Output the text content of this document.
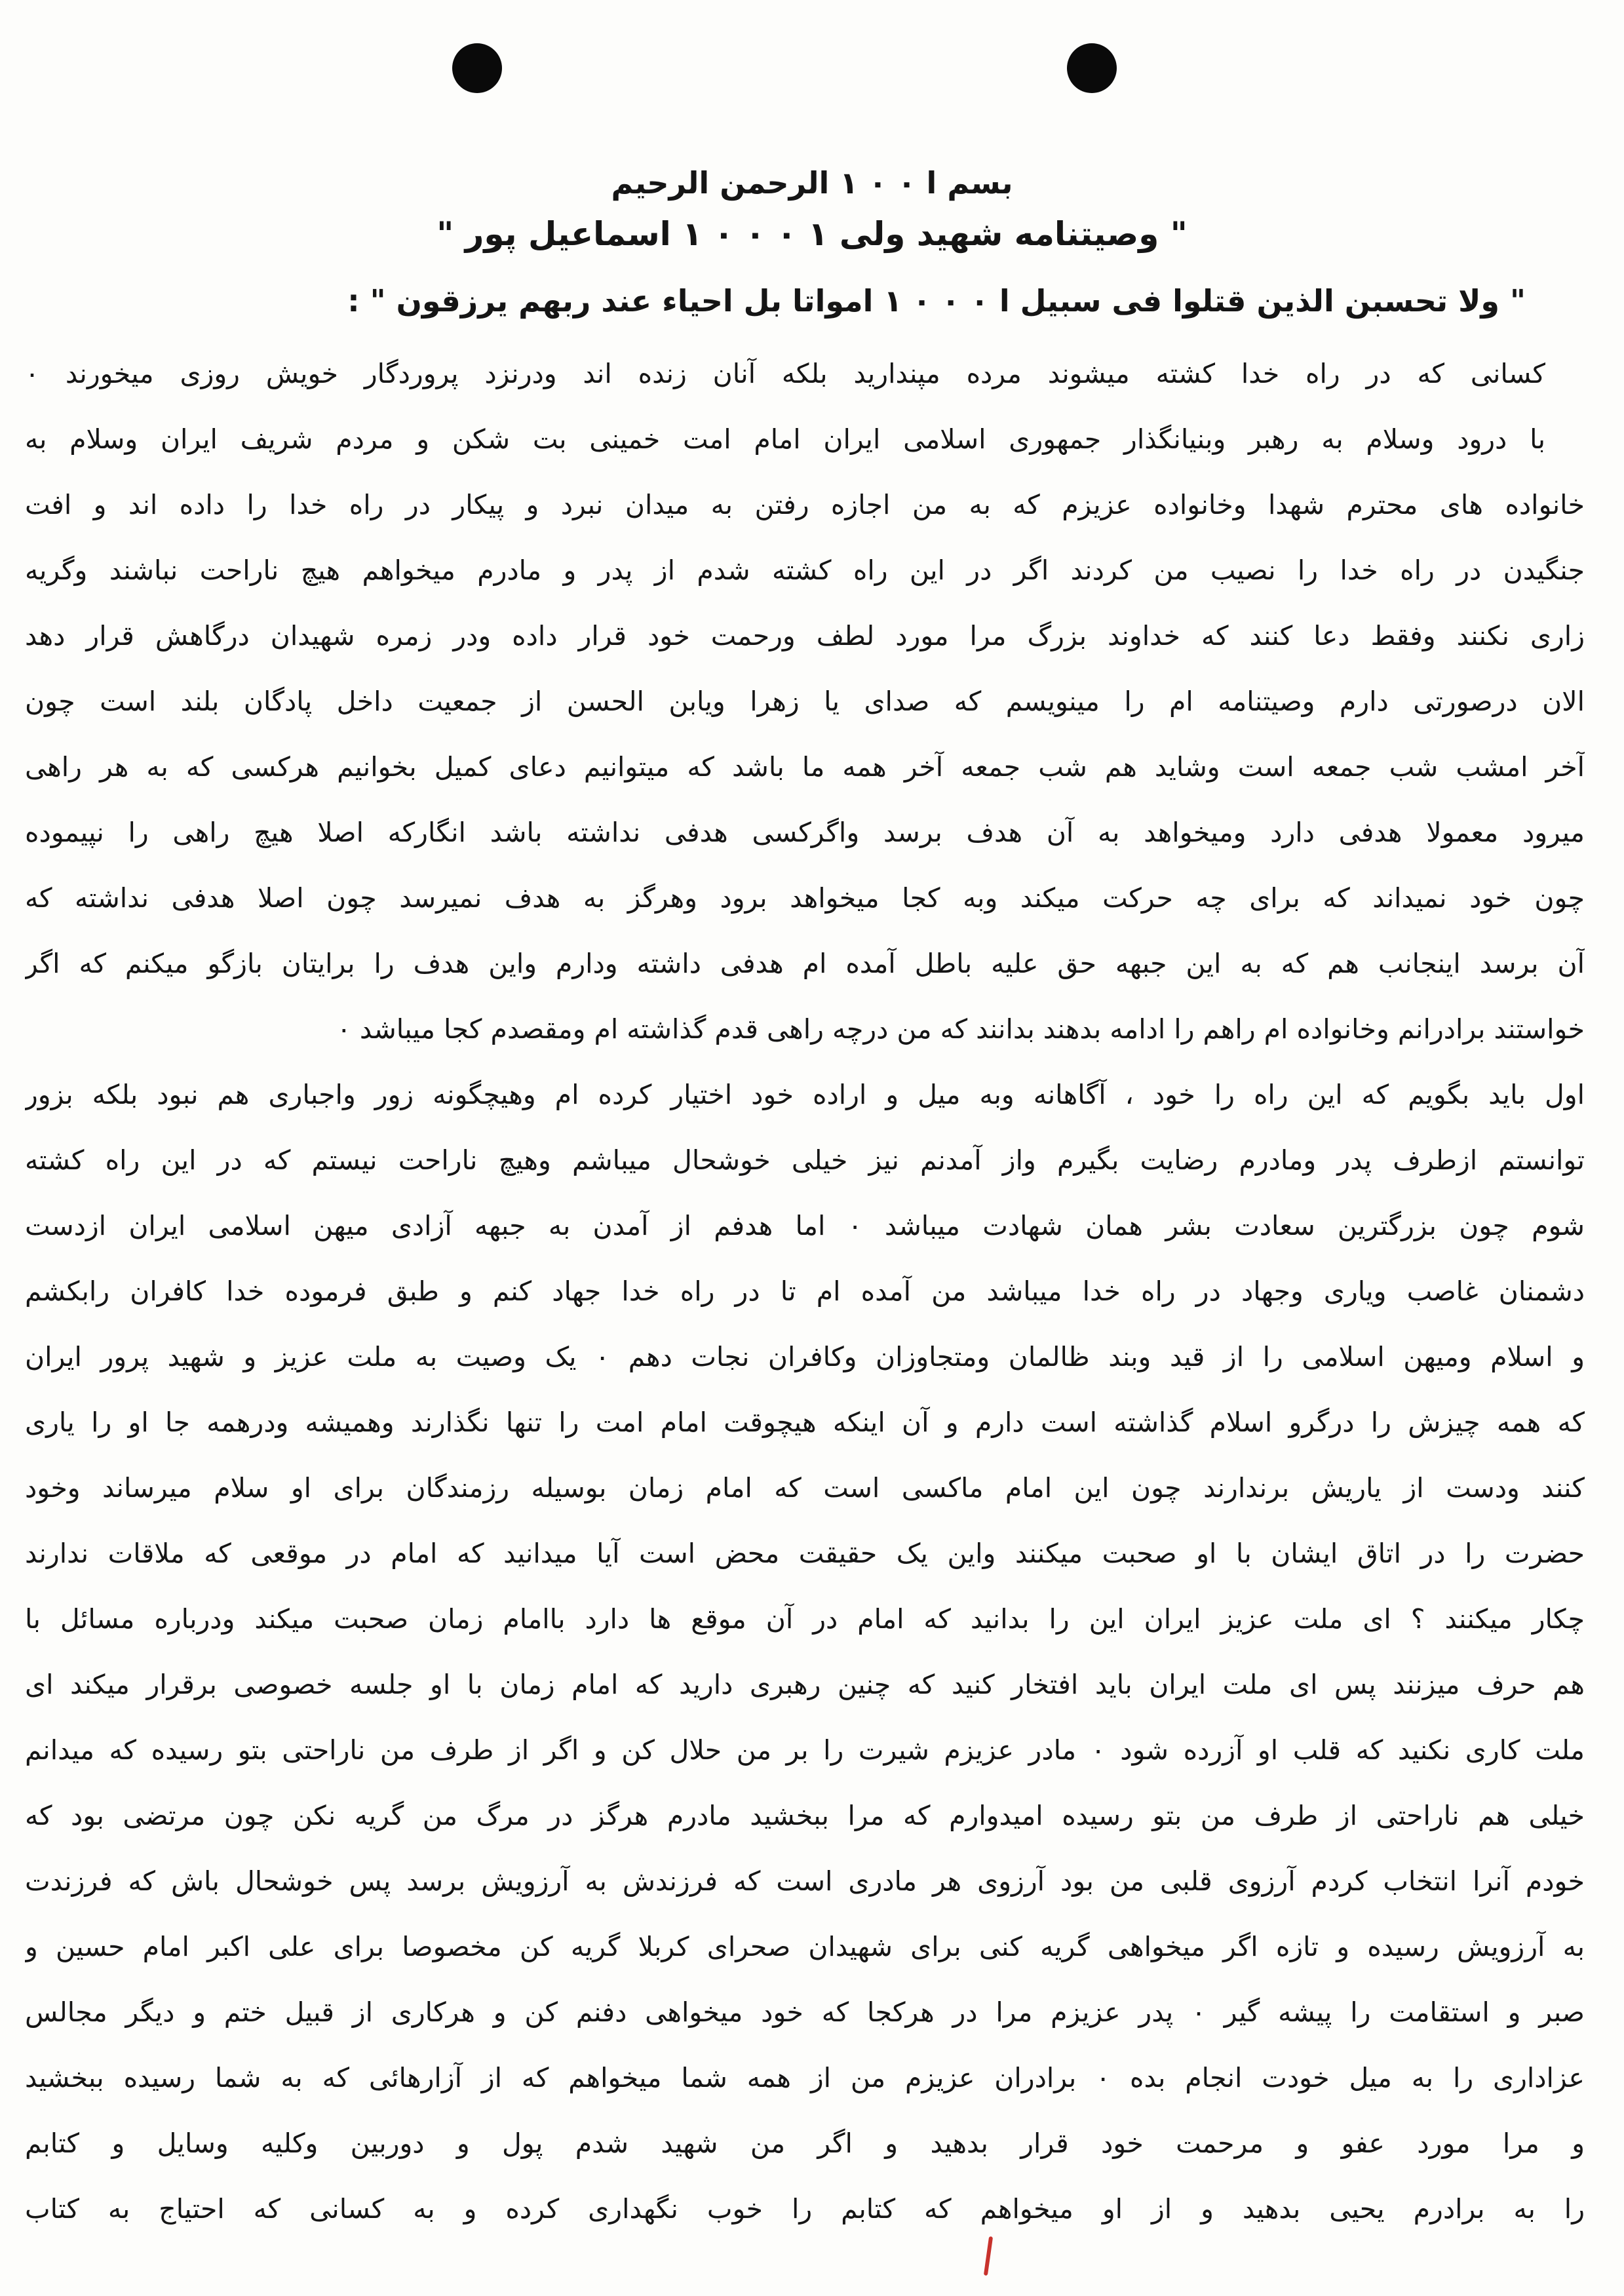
بسم ا ۰ ۰ ۱ الرحمن الرحیم
" وصیتنامه شهید ولی ۱ ۰ ۰ ۰ ۱ اسماعیل پور "
" ولا تحسبن الذین قتلوا فی سبیل ا ۰ ۰ ۰ ۱ امواتا بل احیاء عند ربهم یرزقون " :
کسانی که در راه خدا کشته میشوند مرده مپندارید بلکه آنان زنده اند ودرنزد پروردگار خویش روزی میخورند ۰
با درود وسلام به رهبر وبنیانگذار جمهوری اسلامی ایران امام امت خمینی بت شکن و مردم شریف ایران وسلام به
خانواده های محترم شهدا وخانواده عزیزم که به من اجازه رفتن به میدان نبرد و پیکار در راه خدا را داده اند و افت
جنگیدن در راه خدا را نصیب من کردند اگر در این راه کشته شدم از پدر و مادرم میخواهم هیچ ناراحت نباشند وگریه
زاری نکنند وفقط دعا کنند که خداوند بزرگ مرا مورد لطف ورحمت خود قرار داده ودر زمره شهیدان درگاهش قرار دهد
الان درصورتی دارم وصیتنامه ام را مینویسم که صدای یا زهرا ویابن الحسن از جمعیت داخل پادگان بلند است چون
آخر امشب شب جمعه است وشاید هم شب جمعه آخر همه ما باشد که میتوانیم دعای کمیل بخوانیم هرکسی که به هر راهی
میرود معمولا هدفی دارد ومیخواهد به آن هدف برسد واگرکسی هدفی نداشته باشد انگارکه اصلا هیچ راهی را نپیموده
چون خود نمیداند که برای چه حرکت میکند وبه کجا میخواهد برود وهرگز به هدف نمیرسد چون اصلا هدفی نداشته که
آن برسد اینجانب هم که به این جبهه حق علیه باطل آمده ام هدفی داشته ودارم واین هدف را برایتان بازگو میکنم که اگر
خواستند برادرانم وخانواده ام راهم را ادامه بدهند بدانند که من درچه راهی قدم گذاشته ام ومقصدم کجا میباشد ۰
اول باید بگویم که این راه را خود ، آگاهانه وبه میل و اراده خود اختیار کرده ام وهیچگونه زور واجباری هم نبود بلکه بزور
توانستم ازطرف پدر ومادرم رضایت بگیرم واز آمدنم نیز خیلی خوشحال میباشم وهیچ ناراحت نیستم که در این راه کشته
شوم چون بزرگترین سعادت بشر همان شهادت میباشد ۰ اما هدفم از آمدن به جبهه آزادی میهن اسلامی ایران ازدست
دشمنان غاصب ویاری وجهاد در راه خدا میباشد من آمده ام تا در راه خدا جهاد کنم و طبق فرموده خدا کافران رابکشم
و اسلام ومیهن اسلامی را از قید وبند ظالمان ومتجاوزان وکافران نجات دهم ۰ یک وصیت به ملت عزیز و شهید پرور ایران
که همه چیزش را درگرو اسلام گذاشته است دارم و آن اینکه هیچوقت امام امت را تنها نگذارند وهمیشه ودرهمه جا او را یاری
کنند ودست از یاریش برندارند چون این امام ماکسی است که امام زمان بوسیله رزمندگان برای او سلام میرساند وخود
حضرت را در اتاق ایشان با او صحبت میکنند واین یک حقیقت محض است آیا میدانید که امام در موقعی که ملاقات ندارند
چکار میکنند ؟ ای ملت عزیز ایران این را بدانید که امام در آن موقع ها دارد باامام زمان صحبت میکند ودرباره مسائل با
هم حرف میزنند پس ای ملت ایران باید افتخار کنید که چنین رهبری دارید که امام زمان با او جلسه خصوصی برقرار میکند ای
ملت کاری نکنید که قلب او آزرده شود ۰ مادر عزیزم شیرت را بر من حلال کن و اگر از طرف من ناراحتی بتو رسیده که میدانم
خیلی هم ناراحتی از طرف من بتو رسیده امیدوارم که مرا ببخشید مادرم هرگز در مرگ من گریه نکن چون مرتضی بود که
خودم آنرا انتخاب کردم آرزوی قلبی من بود آرزوی هر مادری است که فرزندش به آرزویش برسد پس خوشحال باش که فرزندت
به آرزویش رسیده و تازه اگر میخواهی گریه کنی برای شهیدان صحرای کربلا گریه کن مخصوصا برای علی اکبر امام حسین و
صبر و استقامت را پیشه گیر ۰ پدر عزیزم مرا در هرکجا که خود میخواهی دفنم کن و هرکاری از قبیل ختم و دیگر مجالس
عزاداری را به میل خودت انجام بده ۰ برادران عزیزم من از همه شما میخواهم که از آزارهائی که به شما رسیده ببخشید
و مرا مورد عفو و مرحمت خود قرار بدهید و اگر من شهید شدم پول و دوربین وکلیه وسایل و کتابم
را به برادرم یحیی بدهید و از او میخواهم که کتابم را خوب نگهداری کرده و به کسانی که احتیاج به کتاب
